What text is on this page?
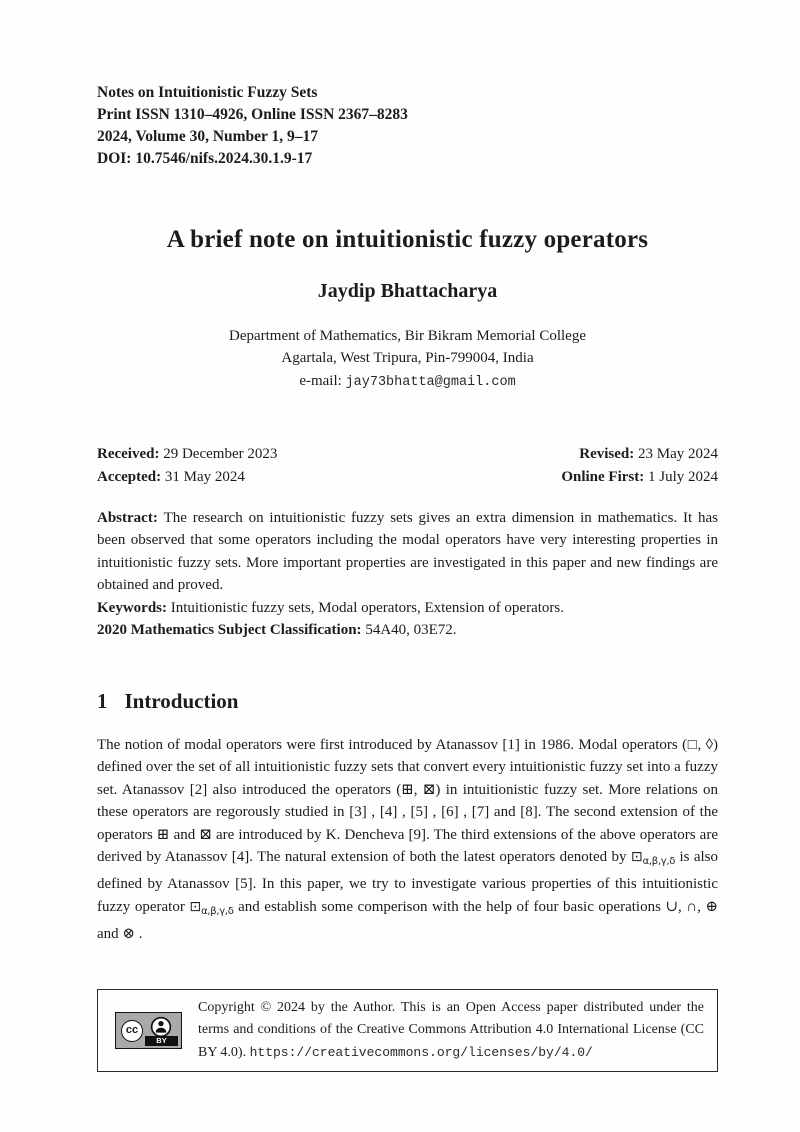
Notes on Intuitionistic Fuzzy Sets
Print ISSN 1310–4926, Online ISSN 2367–8283
2024, Volume 30, Number 1, 9–17
DOI: 10.7546/nifs.2024.30.1.9-17
A brief note on intuitionistic fuzzy operators
Jaydip Bhattacharya
Department of Mathematics, Bir Bikram Memorial College
Agartala, West Tripura, Pin-799004, India
e-mail: jay73bhatta@gmail.com
Received: 29 December 2023	Revised: 23 May 2024
Accepted: 31 May 2024	Online First: 1 July 2024
Abstract: The research on intuitionistic fuzzy sets gives an extra dimension in mathematics. It has been observed that some operators including the modal operators have very interesting properties in intuitionistic fuzzy sets. More important properties are investigated in this paper and new findings are obtained and proved.
Keywords: Intuitionistic fuzzy sets, Modal operators, Extension of operators.
2020 Mathematics Subject Classification: 54A40, 03E72.
1 Introduction

The notion of modal operators were first introduced by Atanassov [1] in 1986. Modal operators (□, ◊) defined over the set of all intuitionistic fuzzy sets that convert every intuitionistic fuzzy set into a fuzzy set. Atanassov [2] also introduced the operators (⊞, ⊠) in intuitionistic fuzzy set. More relations on these operators are regorously studied in [3] , [4] , [5] , [6] , [7] and [8]. The second extension of the operators ⊞ and ⊠ are introduced by K. Dencheva [9]. The third extensions of the above operators are derived by Atanassov [4]. The natural extension of both the latest operators denoted by $⊡_{\alpha,\beta,\gamma,\delta}$ is also defined by Atanassov [5]. In this paper, we try to investigate various properties of this intuitionistic fuzzy operator $⊡_{\alpha,\beta,\gamma,\delta}$ and establish some comperison with the help of four basic operations ∪, ∩, ⊕ and ⊗ .

cc
BY
Copyright © 2024 by the Author. This is an Open Access paper distributed under the terms and conditions of the Creative Commons Attribution 4.0 International License (CC BY 4.0). https://creativecommons.org/licenses/by/4.0/
